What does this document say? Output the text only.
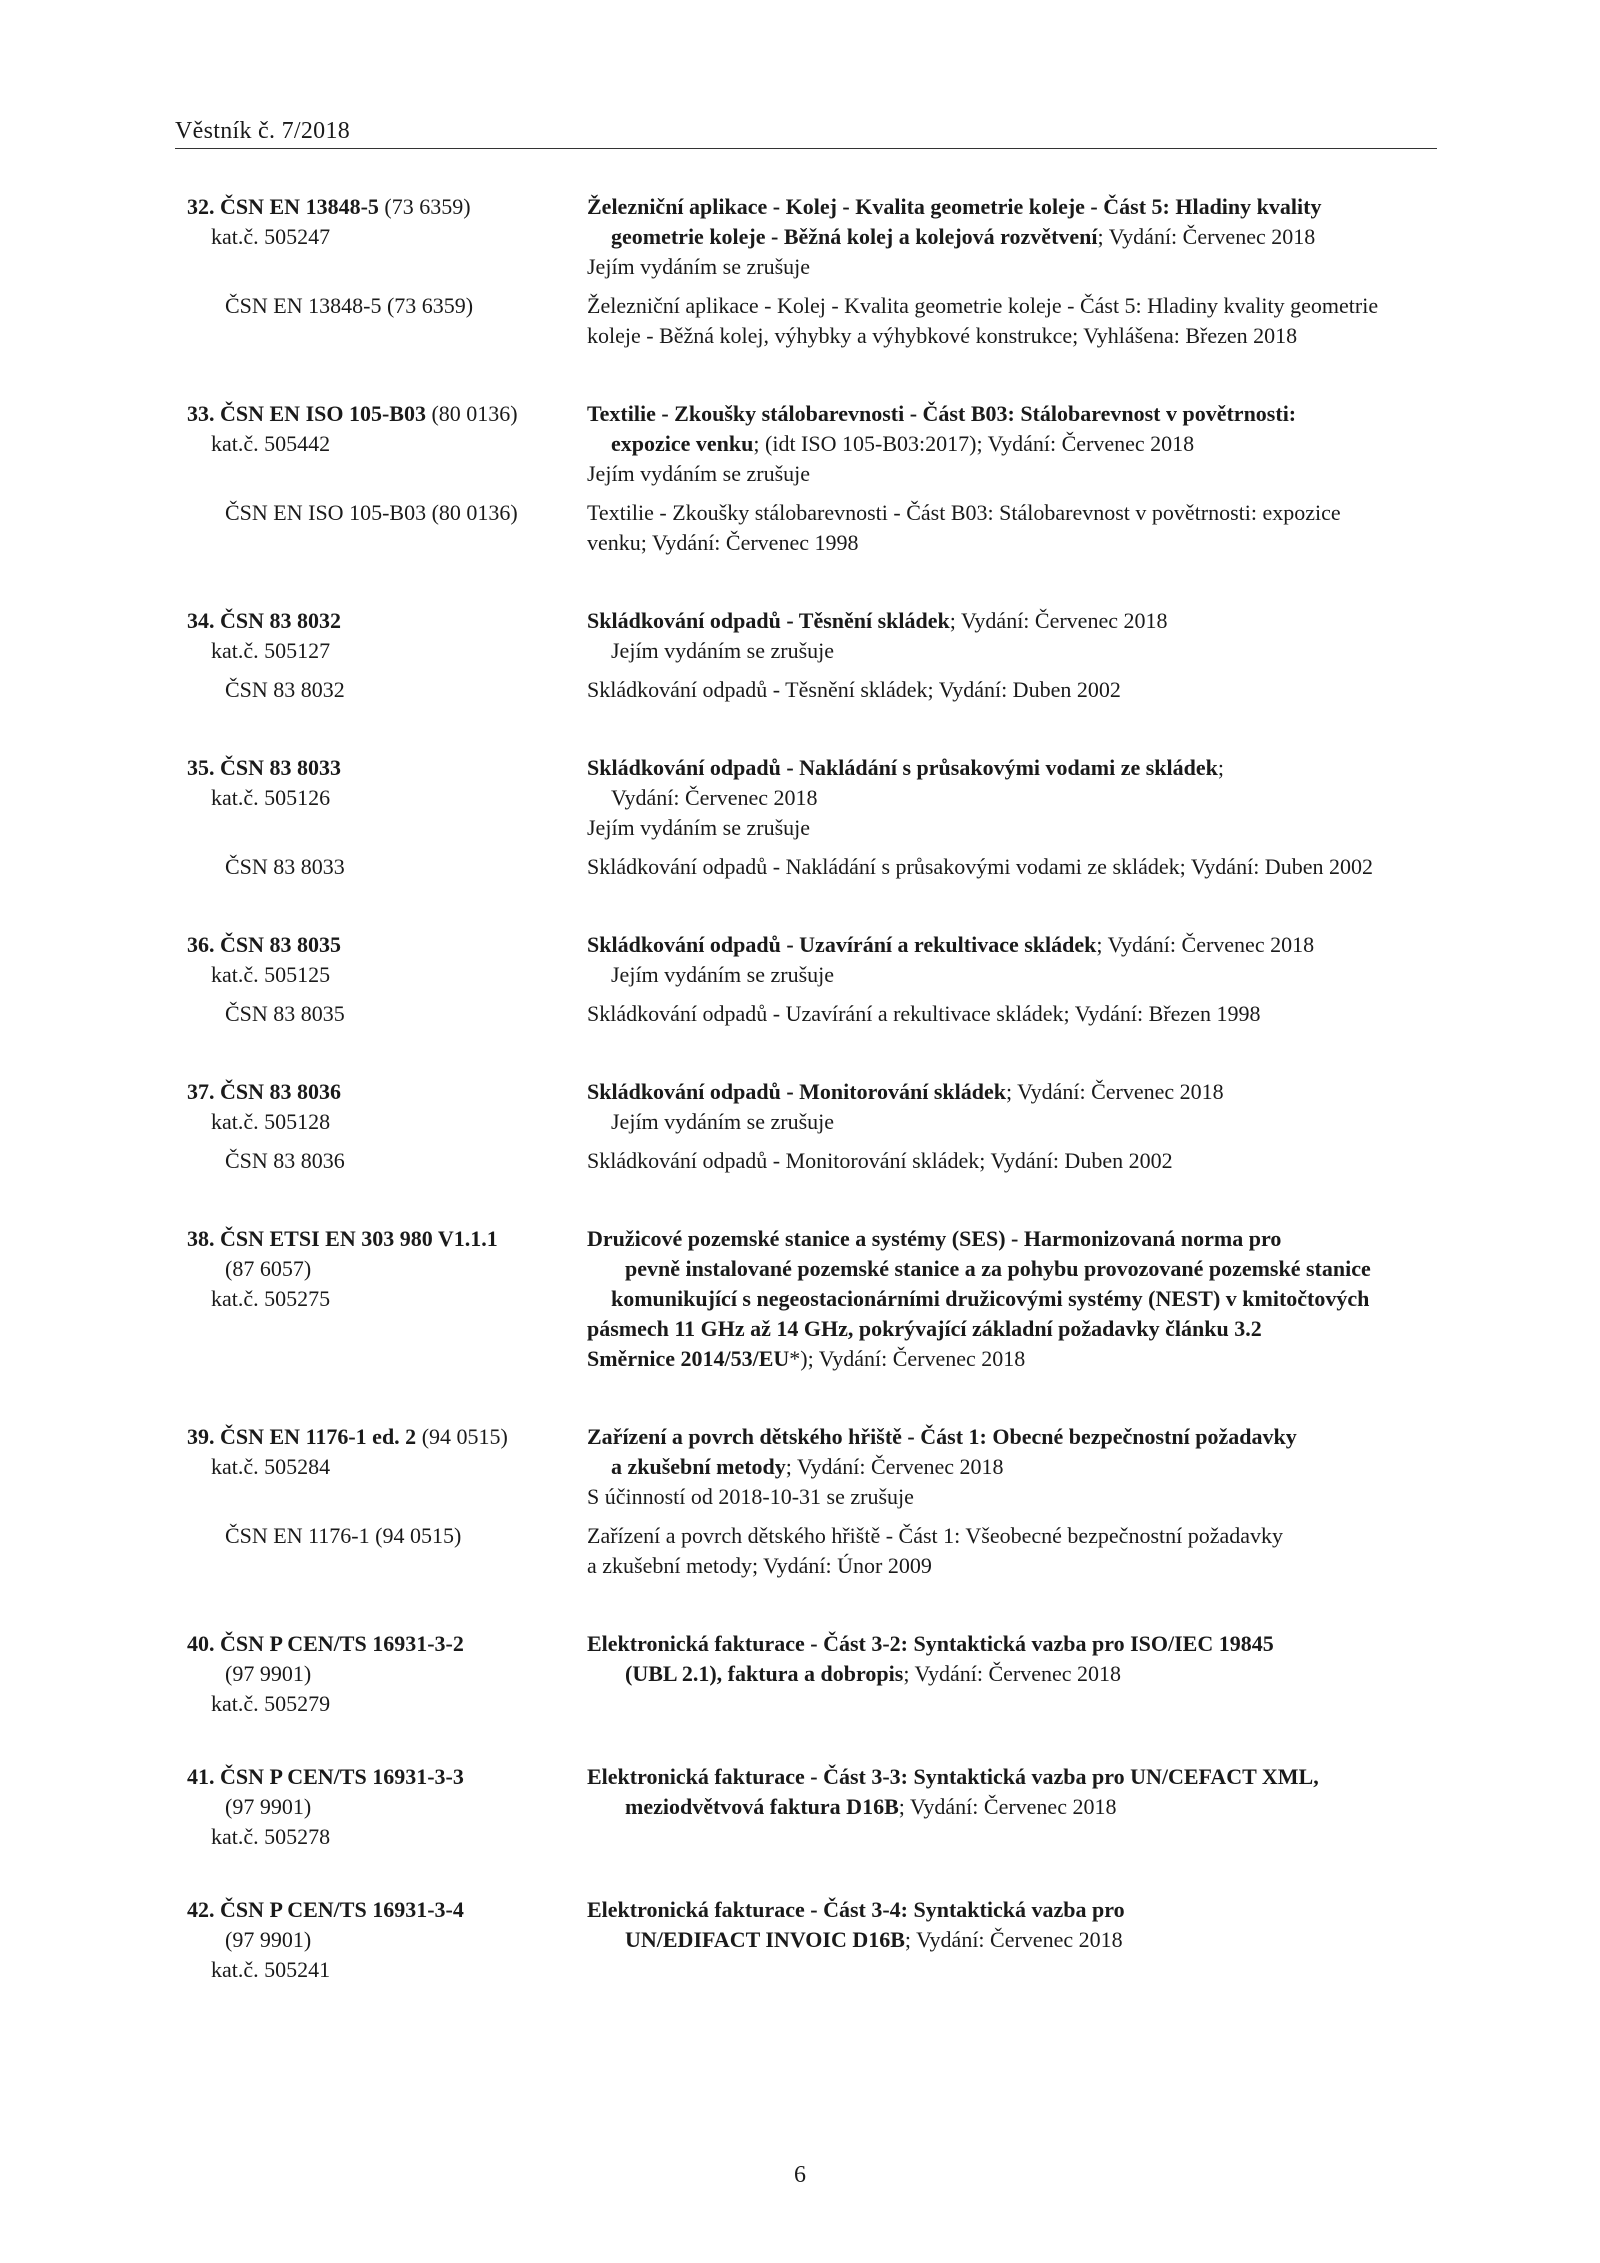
Věstník č. 7/2018
32. ČSN EN 13848-5 (73 6359)	Železniční aplikace - Kolej - Kvalita geometrie koleje - Část 5: Hladiny kvality
kat.č. 505247	geometrie koleje - Běžná kolej a kolejová rozvětvení; Vydání: Červenec 2018
Jejím vydáním se zrušuje
ČSN EN 13848-5 (73 6359)	Železniční aplikace - Kolej - Kvalita geometrie koleje - Část 5: Hladiny kvality geometrie
koleje - Běžná kolej, výhybky a výhybkové konstrukce; Vyhlášena: Březen 2018
33. ČSN EN ISO 105-B03 (80 0136)	Textilie - Zkoušky stálobarevnosti - Část B03: Stálobarevnost v povětrnosti:
kat.č. 505442	expozice venku; (idt ISO 105-B03:2017); Vydání: Červenec 2018
Jejím vydáním se zrušuje
ČSN EN ISO 105-B03 (80 0136)	Textilie - Zkoušky stálobarevnosti - Část B03: Stálobarevnost v povětrnosti: expozice
venku; Vydání: Červenec 1998
34. ČSN 83 8032	Skládkování odpadů - Těsnění skládek; Vydání: Červenec 2018
kat.č. 505127	Jejím vydáním se zrušuje
ČSN 83 8032	Skládkování odpadů - Těsnění skládek; Vydání: Duben 2002
35. ČSN 83 8033	Skládkování odpadů - Nakládání s průsakovými vodami ze skládek;
kat.č. 505126	Vydání: Červenec 2018
Jejím vydáním se zrušuje
ČSN 83 8033	Skládkování odpadů - Nakládání s průsakovými vodami ze skládek; Vydání: Duben 2002
36. ČSN 83 8035	Skládkování odpadů - Uzavírání a rekultivace skládek; Vydání: Červenec 2018
kat.č. 505125	Jejím vydáním se zrušuje
ČSN 83 8035	Skládkování odpadů - Uzavírání a rekultivace skládek; Vydání: Březen 1998
37. ČSN 83 8036	Skládkování odpadů - Monitorování skládek; Vydání: Červenec 2018
kat.č. 505128	Jejím vydáním se zrušuje
ČSN 83 8036	Skládkování odpadů - Monitorování skládek; Vydání: Duben 2002
38. ČSN ETSI EN 303 980 V1.1.1	Družicové pozemské stanice a systémy (SES) - Harmonizovaná norma pro
(87 6057)	pevně instalované pozemské stanice a za pohybu provozované pozemské stanice
kat.č. 505275	komunikující s negeostacionárními družicovými systémy (NEST) v kmitočtových
pásmech 11 GHz až 14 GHz, pokrývající základní požadavky článku 3.2
Směrnice 2014/53/EU*); Vydání: Červenec 2018
39. ČSN EN 1176-1 ed. 2 (94 0515)	Zařízení a povrch dětského hřiště - Část 1: Obecné bezpečnostní požadavky
kat.č. 505284	a zkušební metody; Vydání: Červenec 2018
S účinností od 2018-10-31 se zrušuje
ČSN EN 1176-1 (94 0515)	Zařízení a povrch dětského hřiště - Část 1: Všeobecné bezpečnostní požadavky
a zkušební metody; Vydání: Únor 2009
40. ČSN P CEN/TS 16931-3-2	Elektronická fakturace - Část 3-2: Syntaktická vazba pro ISO/IEC 19845
(97 9901)	(UBL 2.1), faktura a dobropis; Vydání: Červenec 2018
kat.č. 505279
41. ČSN P CEN/TS 16931-3-3	Elektronická fakturace - Část 3-3: Syntaktická vazba pro UN/CEFACT XML,
(97 9901)	meziodvětvová faktura D16B; Vydání: Červenec 2018
kat.č. 505278
42. ČSN P CEN/TS 16931-3-4	Elektronická fakturace - Část 3-4: Syntaktická vazba pro
(97 9901)	UN/EDIFACT INVOIC D16B; Vydání: Červenec 2018
kat.č. 505241
6
